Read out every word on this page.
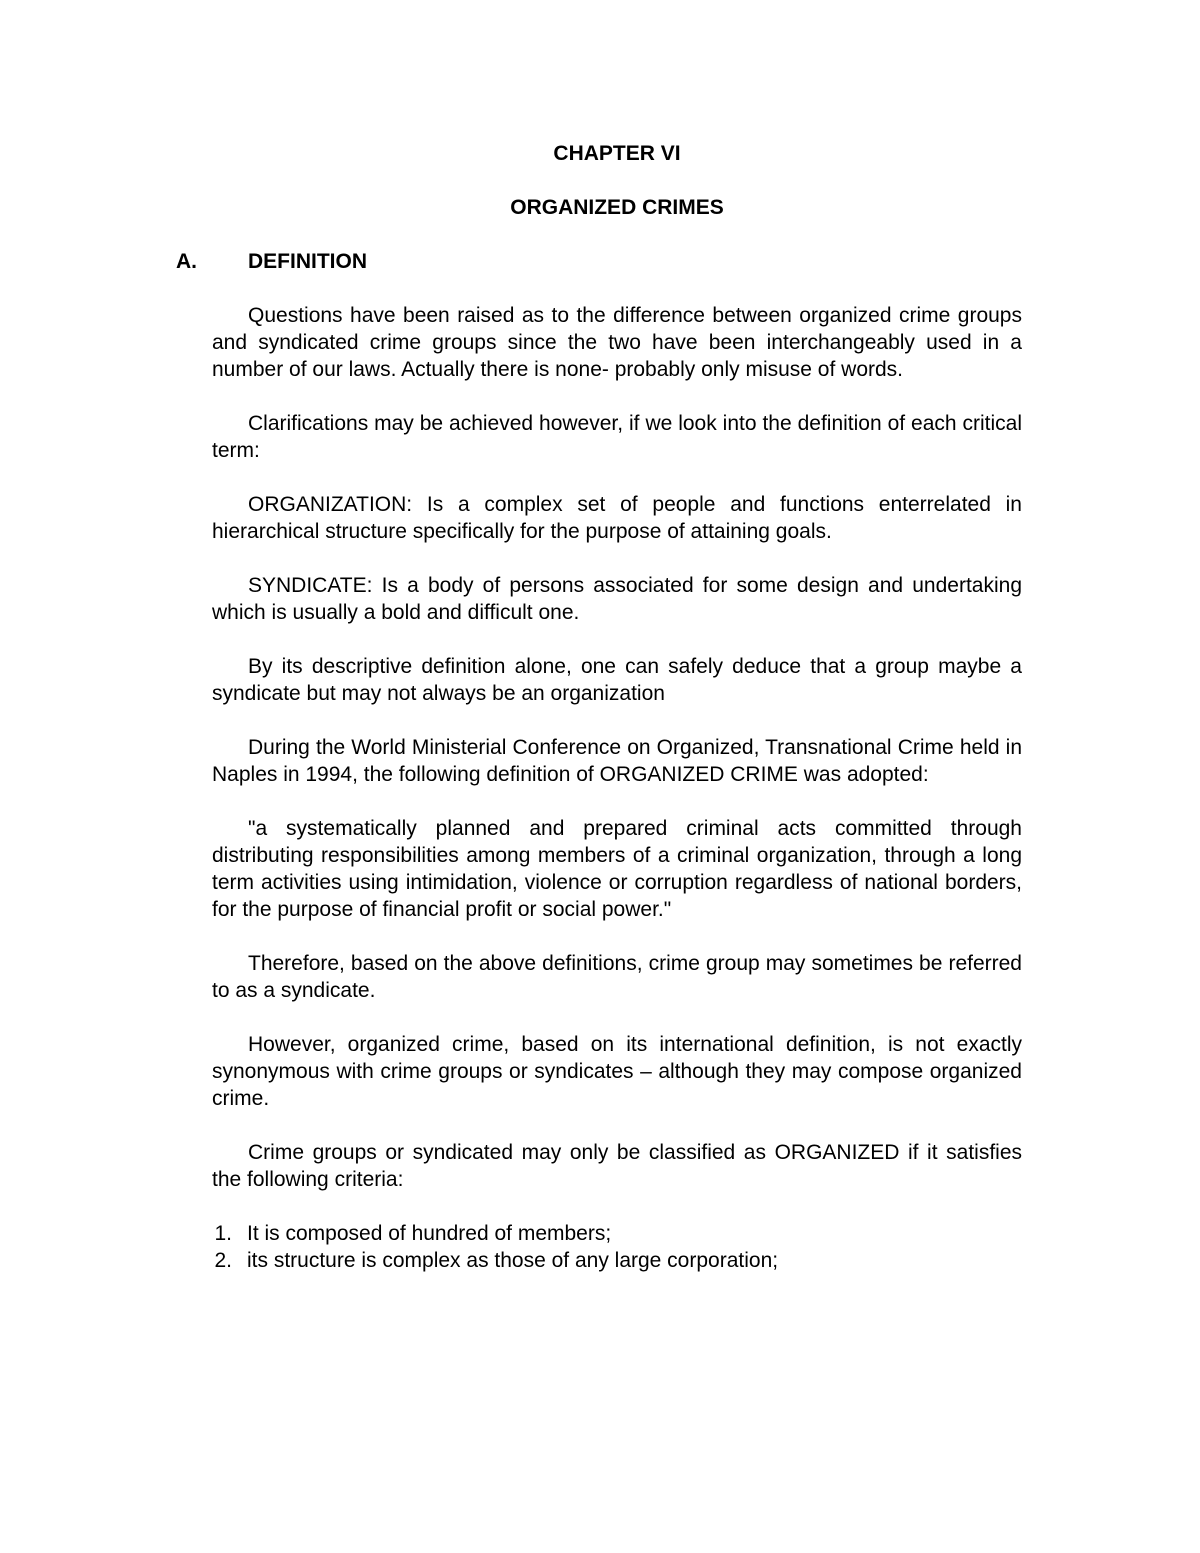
CHAPTER VI
ORGANIZED CRIMES
A. DEFINITION

Questions have been raised as to the difference between organized crime groups and syndicated crime groups since the two have been interchangeably used in a number of our laws. Actually there is none- probably only misuse of words.

Clarifications may be achieved however, if we look into the definition of each critical term:

ORGANIZATION: Is a complex set of people and functions enterrelated in hierarchical structure specifically for the purpose of attaining goals.

SYNDICATE: Is a body of persons associated for some design and undertaking which is usually a bold and difficult one.

By its descriptive definition alone, one can safely deduce that a group maybe a syndicate but may not always be an organization

During the World Ministerial Conference on Organized, Transnational Crime held in Naples in 1994, the following definition of ORGANIZED CRIME was adopted:

"a systematically planned and prepared criminal acts committed through distributing responsibilities among members of a criminal organization, through a long term activities using intimidation, violence or corruption regardless of national borders, for the purpose of financial profit or social power."

Therefore, based on the above definitions, crime group may sometimes be referred to as a syndicate.

However, organized crime, based on its international definition, is not exactly synonymous with crime groups or syndicates – although they may compose organized crime.

Crime groups or syndicated may only be classified as ORGANIZED if it satisfies the following criteria:

1. It is composed of hundred of members;
2. its structure is complex as those of any large corporation;
